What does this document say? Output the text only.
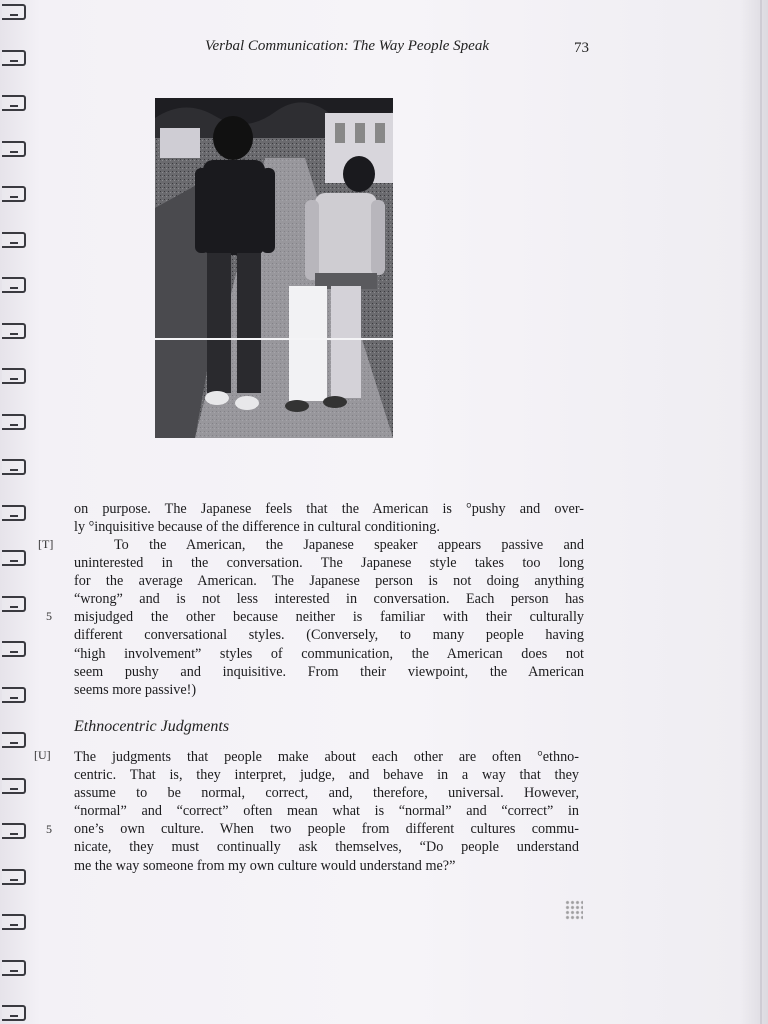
Verbal Communication: The Way People Speak	73
on purpose. The Japanese feels that the American is °pushy and over-
ly °inquisitive because of the difference in cultural conditioning.
[T]
5
To the American, the Japanese speaker appears passive and
uninterested in the conversation. The Japanese style takes too long
for the average American. The Japanese person is not doing anything
“wrong” and is not less interested in conversation. Each person has
misjudged the other because neither is familiar with their culturally
different conversational styles. (Conversely, to many people having
“high involvement” styles of communication, the American does not
seem pushy and inquisitive. From their viewpoint, the American
seems more passive!)
Ethnocentric Judgments
[U]
5
The judgments that people make about each other are often °ethno-
centric. That is, they interpret, judge, and behave in a way that they
assume to be normal, correct, and, therefore, universal. However,
“normal” and “correct” often mean what is “normal” and “correct” in
one’s own culture. When two people from different cultures commu-
nicate, they must continually ask themselves, “Do people understand
me the way someone from my own culture would understand me?”
